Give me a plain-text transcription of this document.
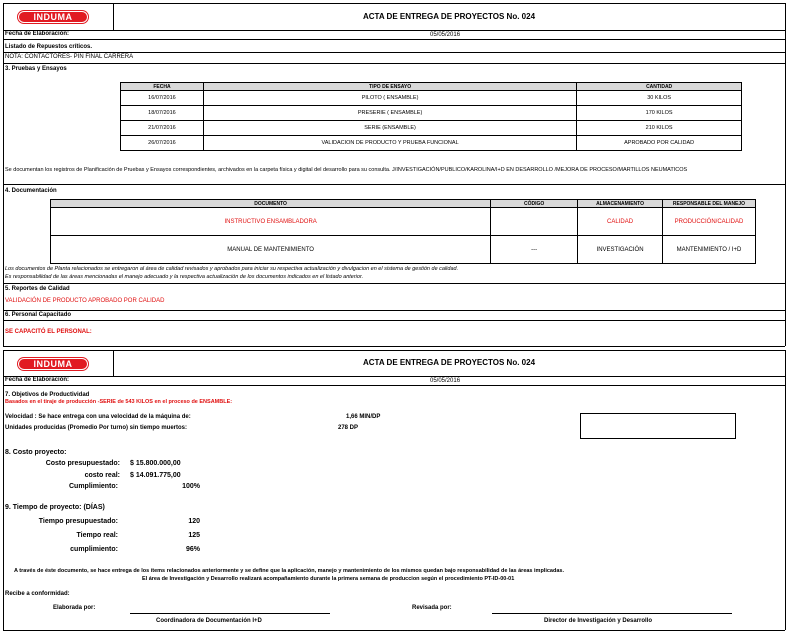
INDUMA	ACTA DE ENTREGA DE PROYECTOS No. 024
Fecha de Elaboración:	05/05/2016
Listado de Repuestos críticos.
NOTA: CONTACTORES- PIN FINAL CARRERA
3. Pruebas y Ensayos
FECHA	TIPO DE ENSAYO	CANTIDAD
16/07/2016	PILOTO ( ENSAMBLE)	30 KILOS
18/07/2016	PRESERIE ( ENSAMBLE)	170 KILOS
21/07/2016	SERIE (ENSAMBLE)	210 KILOS
26/07/2016	VALIDACION DE PRODUCTO Y PRUEBA FUNCIONAL	APROBADO POR CALIDAD
Se documentan los registros de Planificación de Pruebas y Ensayos correspondientes, archivados en la carpeta física y digital del desarrollo para su consulta. J/INVESTIGACIÓN/PUBLICO/KAROLINA/I+D EN DESARROLLO /MEJORA DE PROCESO/MARTILLOS NEUMATICOS
4. Documentación
DOCUMENTO	CÓDIGO	ALMACENAMIENTO	RESPONSABLE DEL MANEJO
INSTRUCTIVO ENSAMBLADORA		CALIDAD	PRODUCCIÓN/CALIDAD
MANUAL DE MANTENIMIENTO	---	INVESTIGACIÓN	MANTENIMIENTO / I+D
Los documentos de Planta relacionados se entregaron al área de calidad revisados y aprobados para iniciar su respectiva actualización y divulgacion en el sistema de gestión de calidad.
Es responsabilidad de las áreas mencionadas el manejo adecuado y la respectiva actualización de los documentos indicados en el listado anterior.
5. Reportes de Calidad
VALIDACIÓN DE PRODUCTO APROBADO POR CALIDAD
6. Personal Capacitado
SE CAPACITÓ EL PERSONAL:
INDUMA	ACTA DE ENTREGA DE PROYECTOS No. 024
Fecha de Elaboración:	05/05/2016
7. Objetivos de Productividad
Basados en el tiraje de producción -SERIE de 543 KILOS en el proceso de ENSAMBLE:
Velocidad : Se hace entrega con una velocidad de la máquina de:	1,66 MIN/DP
Unidades producidas (Promedio Por turno) sin tiempo muertos:	278 DP
8. Costo proyecto:
Costo presupuestado: $ 15.800.000,00
costo real: $ 14.091.775,00
Cumplimiento:	100%
9. Tiempo de proyecto: (DÍAS)
Tiempo presupuestado:	120
Tiempo real:	125
cumplimiento:	96%
A través de éste documento, se hace entrega de los ítems relacionados anteriormente y se define que la aplicación, manejo y mantenimiento de los mismos quedan bajo responsabilidad de las áreas implicadas.
El área de Investigación y Desarrollo realizará acompañamiento durante la primera semana de produccion según el procedimiento PT-ID-00-01
Recibe a conformidad:
Elaborada por:	Revisada por:
Coordinadora de Documentación I+D	Director de Investigación y Desarrollo
